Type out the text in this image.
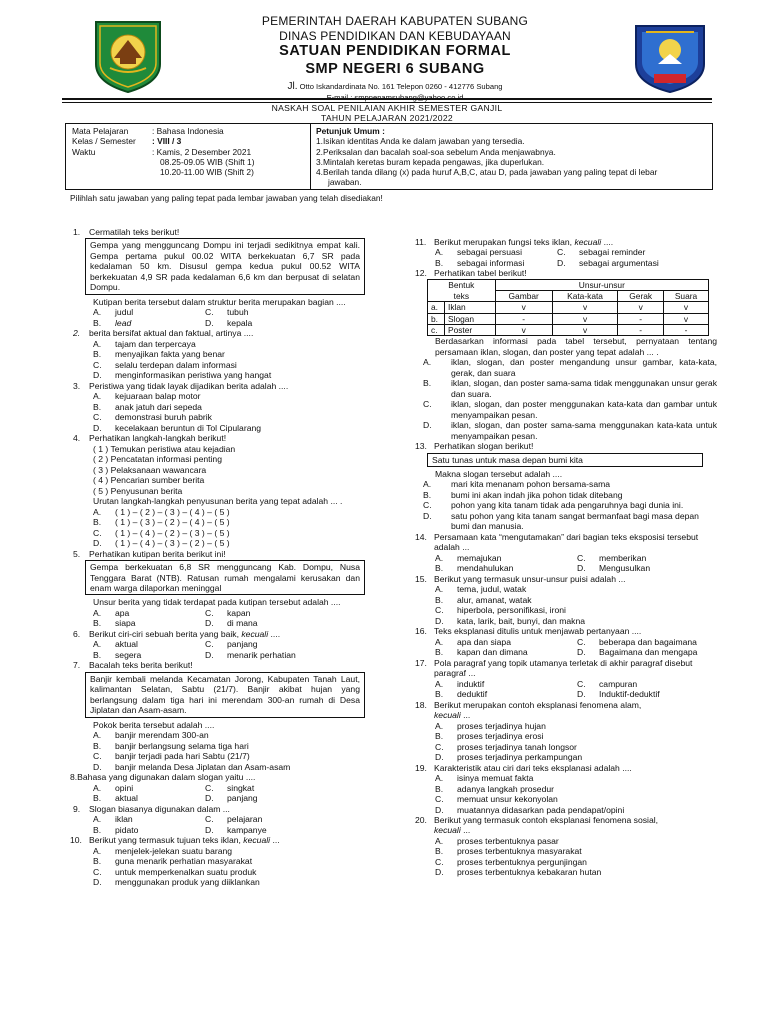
PEMERINTAH DAERAH KABUPATEN SUBANG
DINAS PENDIDIKAN DAN KEBUDAYAAN
SATUAN PENDIDIKAN FORMAL
SMP NEGERI 6 SUBANG
Jl. Otto Iskandardinata No. 161 Telepon 0260 - 412776 Subang
E-mail : smpnenamsubang@yahoo.co.id
NASKAH SOAL PENILAIAN AKHIR SEMESTER GANJIL
TAHUN PELAJARAN 2021/2022
Mata Pelajaran	: Bahasa Indonesia
Kelas / Semester	: VIII / 3
Waktu	: Kamis, 2 Desember 2021
08.25-09.05 WIB (Shift 1)
10.20-11.00 WIB (Shift 2)
Petunjuk Umum :
1.Isikan identitas Anda ke dalam jawaban yang tersedia.
2.Periksalan dan bacalah soal-soa sebelum Anda menjawabnya.
3.Mintalah keretas buram kepada pengawas, jika duperlukan.
4.Berilah tanda dilang (x) pada huruf A,B,C, atau D, pada jawaban yang paling tepat di lebar
jawaban.
Pilihlah satu jawaban yang paling tepat pada lembar jawaban yang telah disediakan!
1. Cermatilah teks berikut!
Gempa yang mengguncang Dompu ini terjadi sedikitnya empat kali. Gempa pertama pukul 00.02 WITA berkekuatan 6,7 SR pada kedalaman 50 km. Disusul gempa kedua pukul 00.52 WITA berkekuatan 4,9 SR pada kedalaman 6,6 km dan berpusat di selatan Dompu.
Kutipan berita tersebut dalam struktur berita merupakan bagian ....
A.	judul	C.	tubuh
B.	lead	D.	kepala
2. berita bersifat aktual dan faktual, artinya ....
A. tajam dan terpercaya
B. menyajikan fakta yang benar
C. selalu terdepan dalam informasi
D. menginformasikan peristiwa yang hangat
3. Peristiwa yang tidak layak dijadikan berita adalah ....
A. kejuaraan balap motor
B. anak jatuh dari sepeda
C. demonstrasi buruh pabrik
D. kecelakaan beruntun di Tol Cipularang
4. Perhatikan langkah-langkah berikut!
( 1 ) Temukan peristiwa atau kejadian
( 2 ) Pencatatan informasi penting
( 3 ) Pelaksanaan wawancara
( 4 ) Pencarian sumber berita
( 5 ) Penyusunan berita
Urutan langkah-langkah penyusunan berita yang tepat adalah ... .
A. ( 1 ) – ( 2 ) – ( 3 ) – ( 4 ) – ( 5 )
B. ( 1 ) – ( 3 ) – ( 2 ) – ( 4 ) – ( 5 )
C. ( 1 ) – ( 4 ) – ( 2 ) – ( 3 ) – ( 5 )
D. ( 1 ) – ( 4 ) – ( 3 ) – ( 2 ) – ( 5 )
5. Perhatikan kutipan berita berikut ini!
Gempa berkekuatan 6,8 SR mengguncang Kab. Dompu, Nusa Tenggara Barat (NTB). Ratusan rumah mengalami kerusakan dan enam warga dilaporkan meninggal
Unsur berita yang tidak terdapat pada kutipan tersebut adalah ....
A.	apa	C.	kapan
B.	siapa	D.	di mana
6. Berikut ciri-ciri sebuah berita yang baik, kecuali ....
A.	aktual	C.	panjang
B.	segera	D.	menarik perhatian
7. Bacalah teks berita berikut!
Banjir kembali melanda Kecamatan Jorong, Kabupaten Tanah Laut, kalimantan Selatan, Sabtu (21/7). Banjir akibat hujan yang berlangsung dalam tiga hari ini merendam 300-an rumah di Desa Jiplatan dan Asam-asam.
Pokok berita tersebut adalah ....
A. banjir merendam 300-an
B. banjir berlangsung selama tiga hari
C. banjir terjadi pada hari Sabtu (21/7)
D. banjir melanda Desa Jiplatan dan Asam-asam
8.Bahasa yang digunakan dalam slogan yaitu ....
A.	opini	C.	singkat
B.	aktual	D.	panjang
9. Slogan biasanya digunakan dalam ...
A.	iklan	C.	pelajaran
B.	pidato	D.	kampanye
10. Berikut yang termasuk tujuan teks iklan, kecuali ...
A. menjelek-jelekan suatu barang
B. guna menarik perhatian masyarakat
C. untuk memperkenalkan suatu produk
D. menggunakan produk yang diiklankan
11. Berikut merupakan fungsi teks iklan, kecuali ....
A.	sebagai persuasi	C.	sebagai reminder
B.	sebagai informasi	D.	sebagai argumentasi
12. Perhatikan tabel berikut!
Bentuk		Unsur-unsur			
teks		Gambar	Kata-kata	Gerak	Suara
a.	Iklan	v	v	v	v
b.	Slogan	-	v	-	v
c.	Poster	v	v	-	-
Berdasarkan informasi pada tabel tersebut, pernyataan tentang persamaan iklan, slogan, dan poster yang tepat adalah ... .
A. iklan, slogan, dan poster mengandung unsur gambar, kata-kata, gerak, dan suara
B. iklan, slogan, dan poster sama-sama tidak menggunakan unsur gerak dan suara.
C. iklan, slogan, dan poster menggunakan kata-kata dan gambar untuk menyampaikan pesan.
D. iklan, slogan, dan poster sama-sama menggunakan kata-kata untuk menyampaikan pesan.
13. Perhatikan slogan berikut!
Satu tunas untuk masa depan bumi kita
Makna slogan tersebut adalah ....
A. mari kita menanam pohon bersama-sama
B. bumi ini akan indah jika pohon tidak ditebang
C. pohon yang kita tanam tidak ada pengaruhnya bagi dunia ini.
D. satu pohon yang kita tanam sangat bermanfaat bagi masa depan bumi dan manusia.
14. Persamaan kata “mengutamakan” dari bagian teks eksposisi tersebut adalah ...
A.	memajukan	C.	memberikan
B.	mendahulukan	D.	Mengusulkan
15. Berikut yang termasuk unsur-unsur puisi adalah ...
A. tema, judul, watak
B. alur, amanat, watak
C. hiperbola, personifikasi, ironi
D. kata, larik, bait, bunyi, dan makna
16. Teks eksplanasi ditulis untuk menjawab pertanyaan ....
A.	apa dan siapa	C.	beberapa dan bagaimana
B.	kapan dan dimana	D.	Bagaimana dan mengapa
17. Pola paragraf yang topik utamanya terletak di akhir paragraf disebut paragraf ...
A.	induktif	C.	campuran
B.	deduktif	D.	Induktif-deduktif
18. Berikut merupakan contoh eksplanasi fenomena alam,
kecuali ...
A. proses terjadinya hujan
B. proses terjadinya erosi
C. proses terjadinya tanah longsor
D. proses terjadinya perkampungan
19. Karakteristik atau ciri dari teks eksplanasi adalah ....
A. isinya memuat fakta
B. adanya langkah prosedur
C. memuat unsur kekonyolan
D. muatannya didasarkan pada pendapat/opini
20. Berikut yang termasuk contoh eksplanasi fenomena sosial,
kecuali ...
A. proses terbentuknya pasar
B. proses terbentuknya masyarakat
C. proses terbentuknya pergunjingan
D. proses terbentuknya kebakaran hutan
